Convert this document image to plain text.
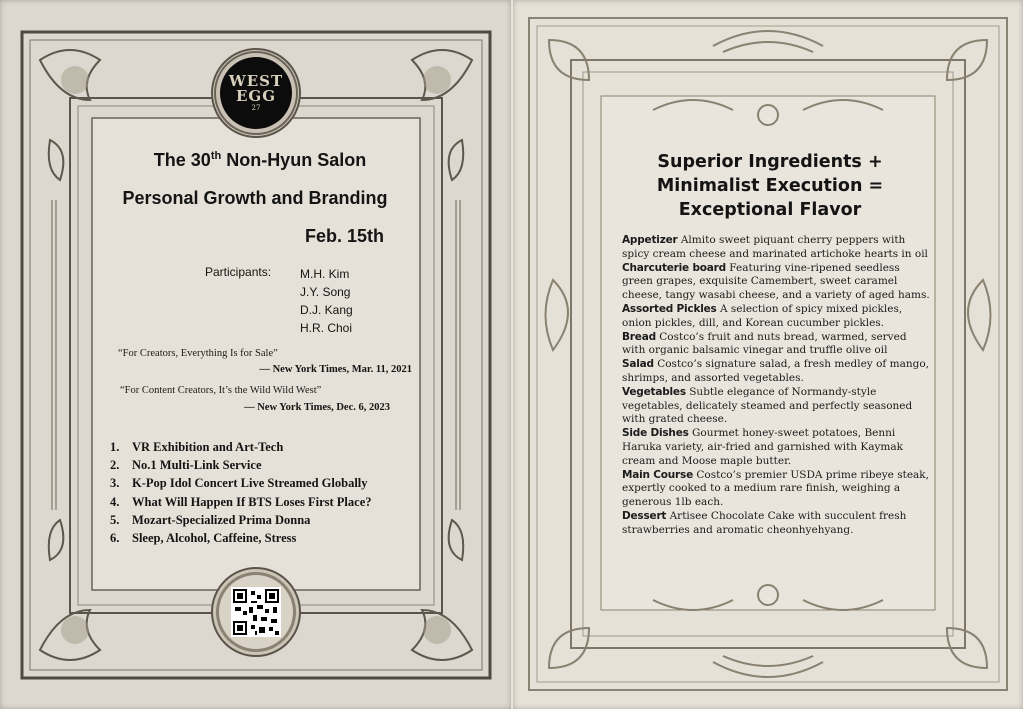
WEST
EGG
27
The 30th Non-Hyun Salon
Personal Growth and Branding
Feb. 15th
Participants: M.H. Kim
J.Y. Song
D.J. Kang
H.R. Choi
“For Creators, Everything Is for Sale”
— New York Times, Mar. 11, 2021
“For Content Creators, It’s the Wild Wild West”
— New York Times, Dec. 6, 2023
1.	VR Exhibition and Art-Tech
2.	No.1 Multi-Link Service
3.	K-Pop Idol Concert Live Streamed Globally
4.	What Will Happen If BTS Loses First Place?
5.	Mozart-Specialized Prima Donna
6.	Sleep, Alcohol, Caffeine, Stress
Superior Ingredients +
Minimalist Execution =
Exceptional Flavor
Appetizer Almito sweet piquant cherry peppers with spicy cream cheese and marinated artichoke hearts in oil
Charcuterie board Featuring vine-ripened seedless green grapes, exquisite Camembert, sweet caramel cheese, tangy wasabi cheese, and a variety of aged hams.
Assorted Pickles A selection of spicy mixed pickles, onion pickles, dill, and Korean cucumber pickles.
Bread Costco’s fruit and nuts bread, warmed, served with organic balsamic vinegar and truffle olive oil
Salad Costco’s signature salad, a fresh medley of mango, shrimps, and assorted vegetables.
Vegetables Subtle elegance of Normandy-style vegetables, delicately steamed and perfectly seasoned with grated cheese.
Side Dishes Gourmet honey-sweet potatoes, Benni Haruka variety, air-fried and garnished with Kaymak cream and Moose maple butter.
Main Course Costco’s premier USDA prime ribeye steak, expertly cooked to a medium rare finish, weighing a generous 1lb each.
Dessert Artisee Chocolate Cake with succulent fresh strawberries and aromatic cheonhyehyang.
